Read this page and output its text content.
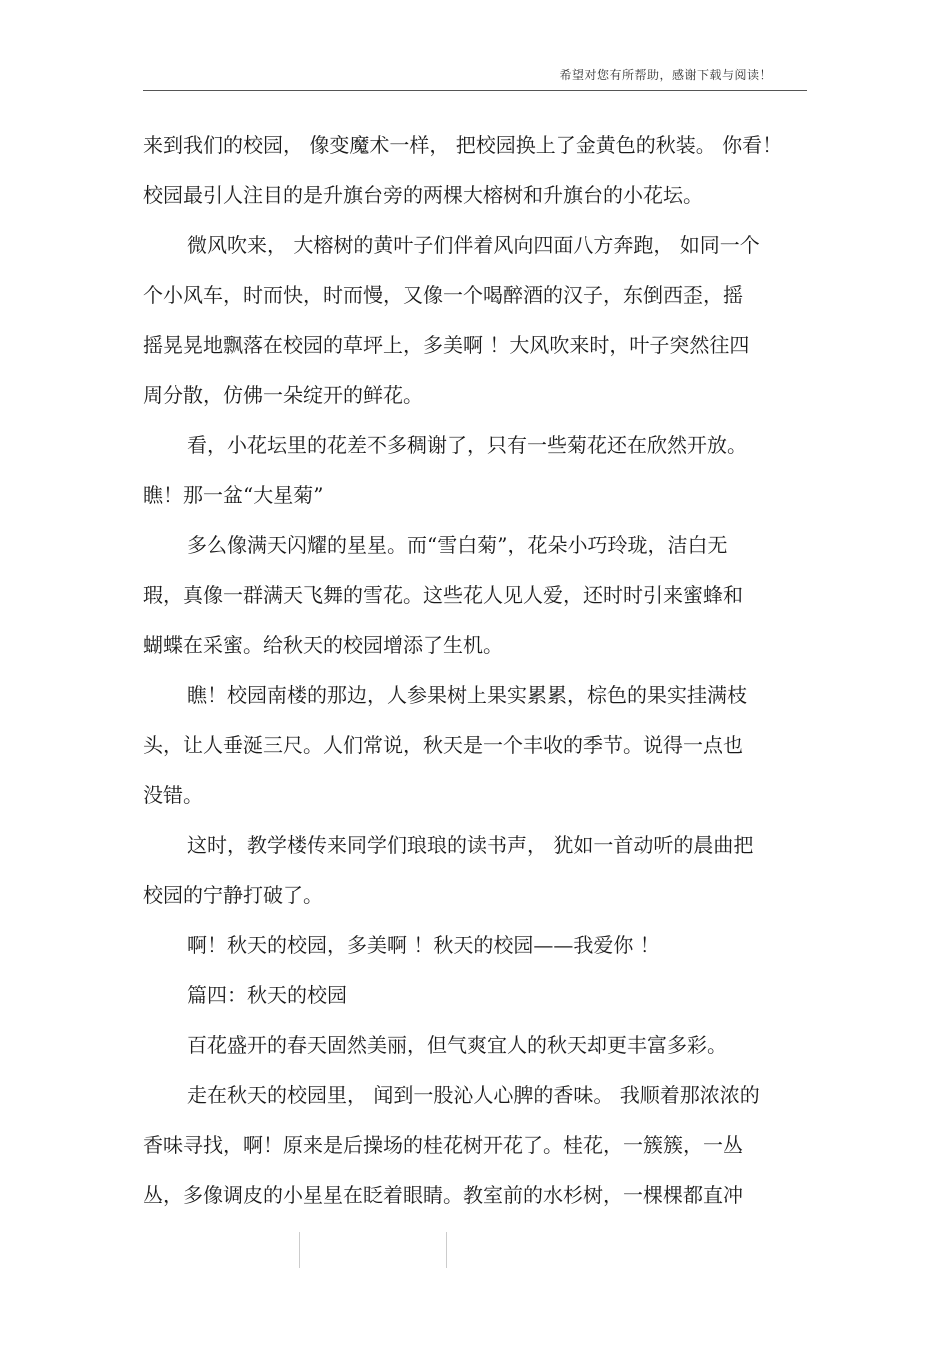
希望对您有所帮助，感谢下载与阅读！
来到我们的校园， 像变魔术一样， 把校园换上了金黄色的秋装。 你看！
校园最引人注目的是升旗台旁的两棵大榕树和升旗台的小花坛。
微风吹来， 大榕树的黄叶子们伴着风向四面八方奔跑， 如同一个
个小风车，时而快，时而慢，又像一个喝醉酒的汉子，东倒西歪，摇
摇晃晃地飘落在校园的草坪上，多美啊 ！大风吹来时，叶子突然往四
周分散，仿佛一朵绽开的鲜花。
看，小花坛里的花差不多稠谢了，只有一些菊花还在欣然开放。
瞧！那一盆“大星菊”
多么像满天闪耀的星星。而“雪白菊”，花朵小巧玲珑，洁白无
瑕，真像一群满天飞舞的雪花。这些花人见人爱，还时时引来蜜蜂和
蝴蝶在采蜜。给秋天的校园增添了生机。
瞧！校园南楼的那边，人参果树上果实累累，棕色的果实挂满枝
头，让人垂涎三尺。人们常说，秋天是一个丰收的季节。说得一点也
没错。
这时，教学楼传来同学们琅琅的读书声， 犹如一首动听的晨曲把
校园的宁静打破了。
啊！秋天的校园，多美啊 ！秋天的校园——我爱你 ！
篇四：秋天的校园
百花盛开的春天固然美丽，但气爽宜人的秋天却更丰富多彩。
走在秋天的校园里， 闻到一股沁人心脾的香味。 我顺着那浓浓的
香味寻找，啊！原来是后操场的桂花树开花了。桂花，一簇簇，一丛
丛，多像调皮的小星星在眨着眼睛。教室前的水杉树，一棵棵都直冲
